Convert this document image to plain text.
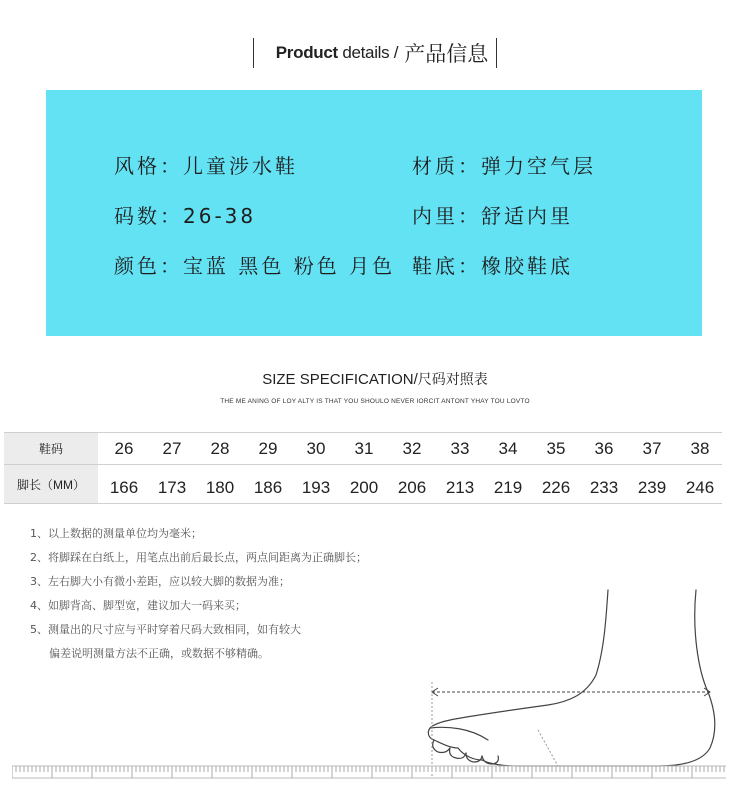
Product details / 产品信息
风格：儿童涉水鞋	材质：弹力空气层
码数：26-38	内里：舒适内里
颜色：宝蓝 黑色 粉色 月色 鞋底：橡胶鞋底
SIZE SPECIFICATION/尺码对照表
THE ME ANING OF LOY ALTY IS THAT YOU SHOULO NEVER IORCIT ANTONT YHAY TOU LOVTO
鞋码	26	27	28	29	30	31	32	33	34	35	36	37	38
脚长（MM）	166	173	180	186	193	200	206	213	219	226	233	239	246
1、以上数据的测量单位均为毫米；
2、将脚踩在白纸上，用笔点出前后最长点，两点间距离为正确脚长；
3、左右脚大小有微小差距，应以较大脚的数据为准；
4、如脚背高、脚型宽，建议加大一码来买；
5、测量出的尺寸应与平时穿着尺码大致相同，如有较大
偏差说明测量方法不正确，或数据不够精确。
